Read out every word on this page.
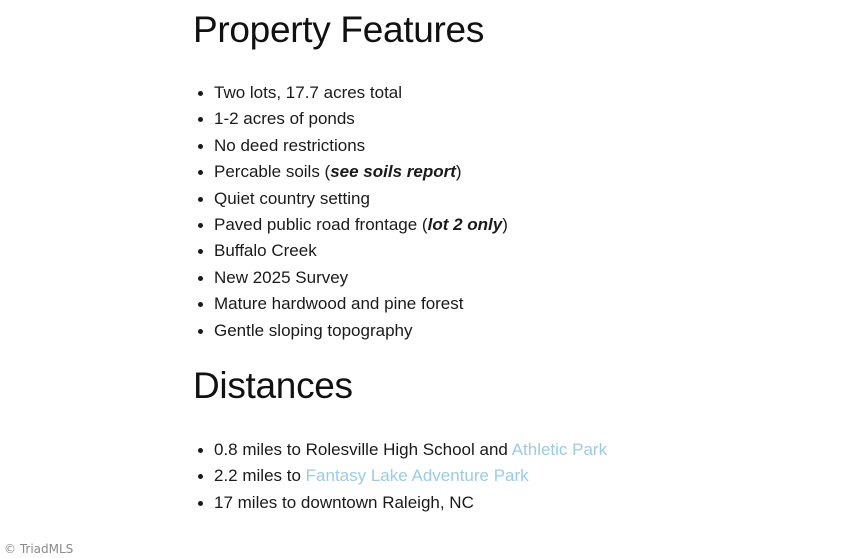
Property Features
Two lots, 17.7 acres total
1-2 acres of ponds
No deed restrictions
Percable soils (see soils report)
Quiet country setting
Paved public road frontage (lot 2 only)
Buffalo Creek
New 2025 Survey
Mature hardwood and pine forest
Gentle sloping topography
Distances
0.8 miles to Rolesville High School and Athletic Park
2.2 miles to Fantasy Lake Adventure Park
17 miles to downtown Raleigh, NC
© TriadMLS
